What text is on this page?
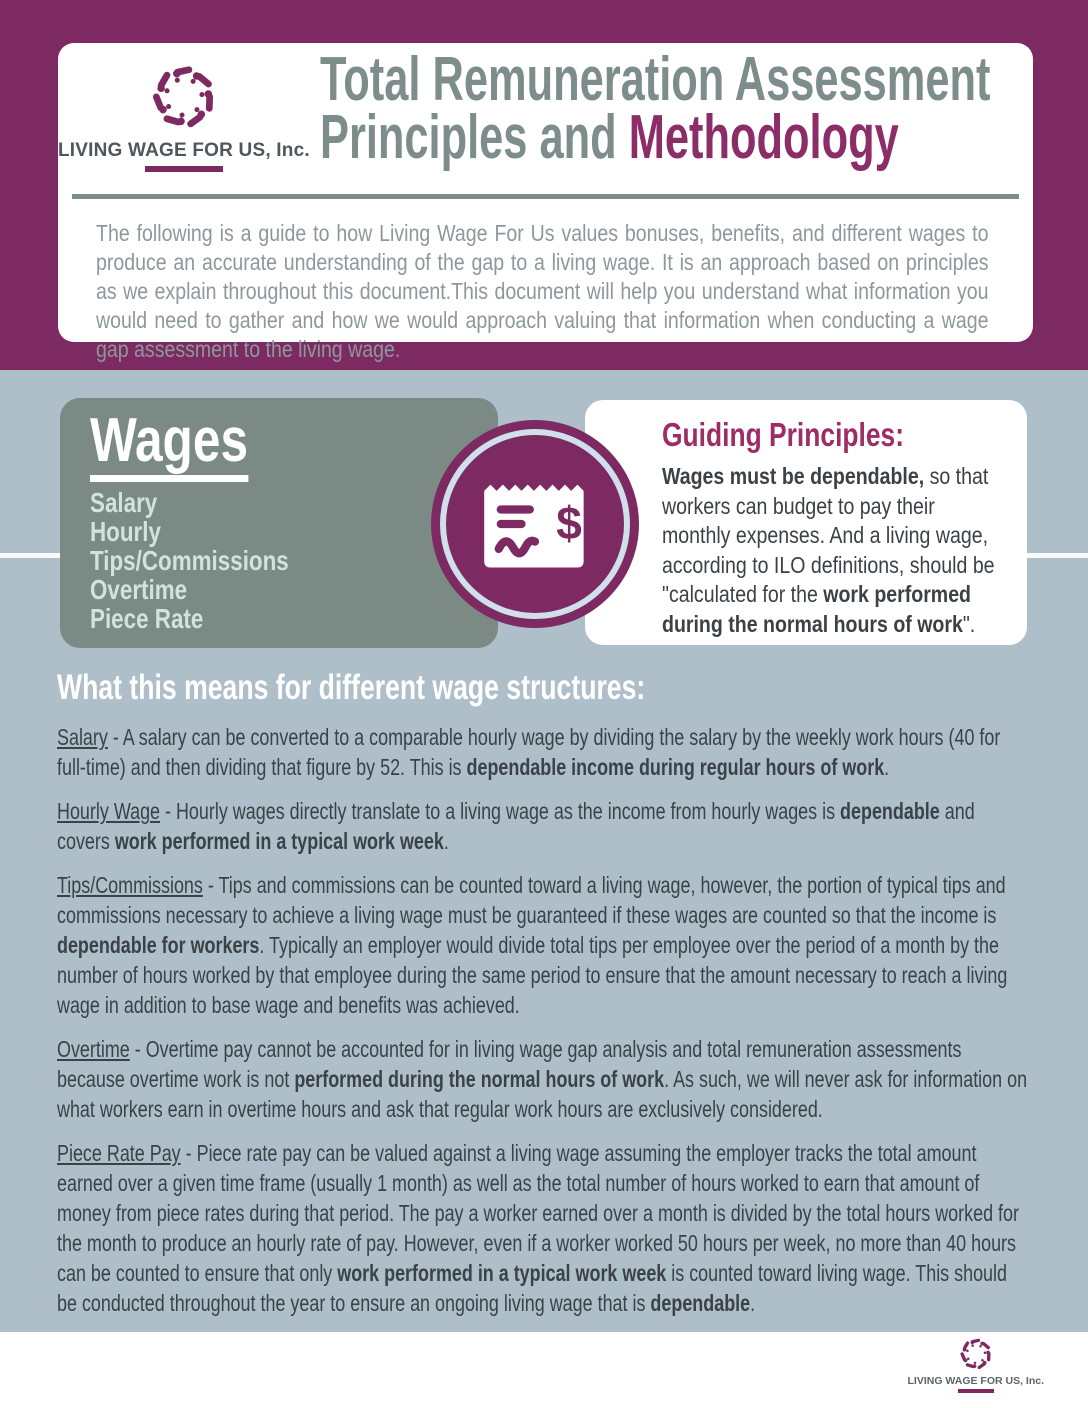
LIVING WAGE FOR US, Inc.
Total Remuneration Assessment
Principles and Methodology

The following is a guide to how Living Wage For Us values bonuses, benefits, and different wages to produce an accurate understanding of the gap to a living wage. It is an approach based on principles as we explain throughout this document.This document will help you understand what information you would need to gather and how we would approach valuing that information when conducting a wage gap assessment to the living wage.

Wages
Salary
Hourly
Tips/Commissions
Overtime
Piece Rate
Guiding Principles:

Wages must be dependable, so that workers can budget to pay their monthly expenses. And a living wage, according to ILO definitions, should be "calculated for the work performed during the normal hours of work".

$
What this means for different wage structures:

Salary - A salary can be converted to a comparable hourly wage by dividing the salary by the weekly work hours (40 for full-time) and then dividing that figure by 52. This is dependable income during regular hours of work.

Hourly Wage - Hourly wages directly translate to a living wage as the income from hourly wages is dependable and covers work performed in a typical work week.

Tips/Commissions - Tips and commissions can be counted toward a living wage, however, the portion of typical tips and commissions necessary to achieve a living wage must be guaranteed if these wages are counted so that the income is dependable for workers. Typically an employer would divide total tips per employee over the period of a month by the number of hours worked by that employee during the same period to ensure that the amount necessary to reach a living wage in addition to base wage and benefits was achieved.

Overtime - Overtime pay cannot be accounted for in living wage gap analysis and total remuneration assessments because overtime work is not performed during the normal hours of work. As such, we will never ask for information on what workers earn in overtime hours and ask that regular work hours are exclusively considered.

Piece Rate Pay - Piece rate pay can be valued against a living wage assuming the employer tracks the total amount earned over a given time frame (usually 1 month) as well as the total number of hours worked to earn that amount of money from piece rates during that period. The pay a worker earned over a month is divided by the total hours worked for the month to produce an hourly rate of pay. However, even if a worker worked 50 hours per week, no more than 40 hours can be counted to ensure that only work performed in a typical work week is counted toward living wage. This should be conducted throughout the year to ensure an ongoing living wage that is dependable.

LIVING WAGE FOR US, Inc.
